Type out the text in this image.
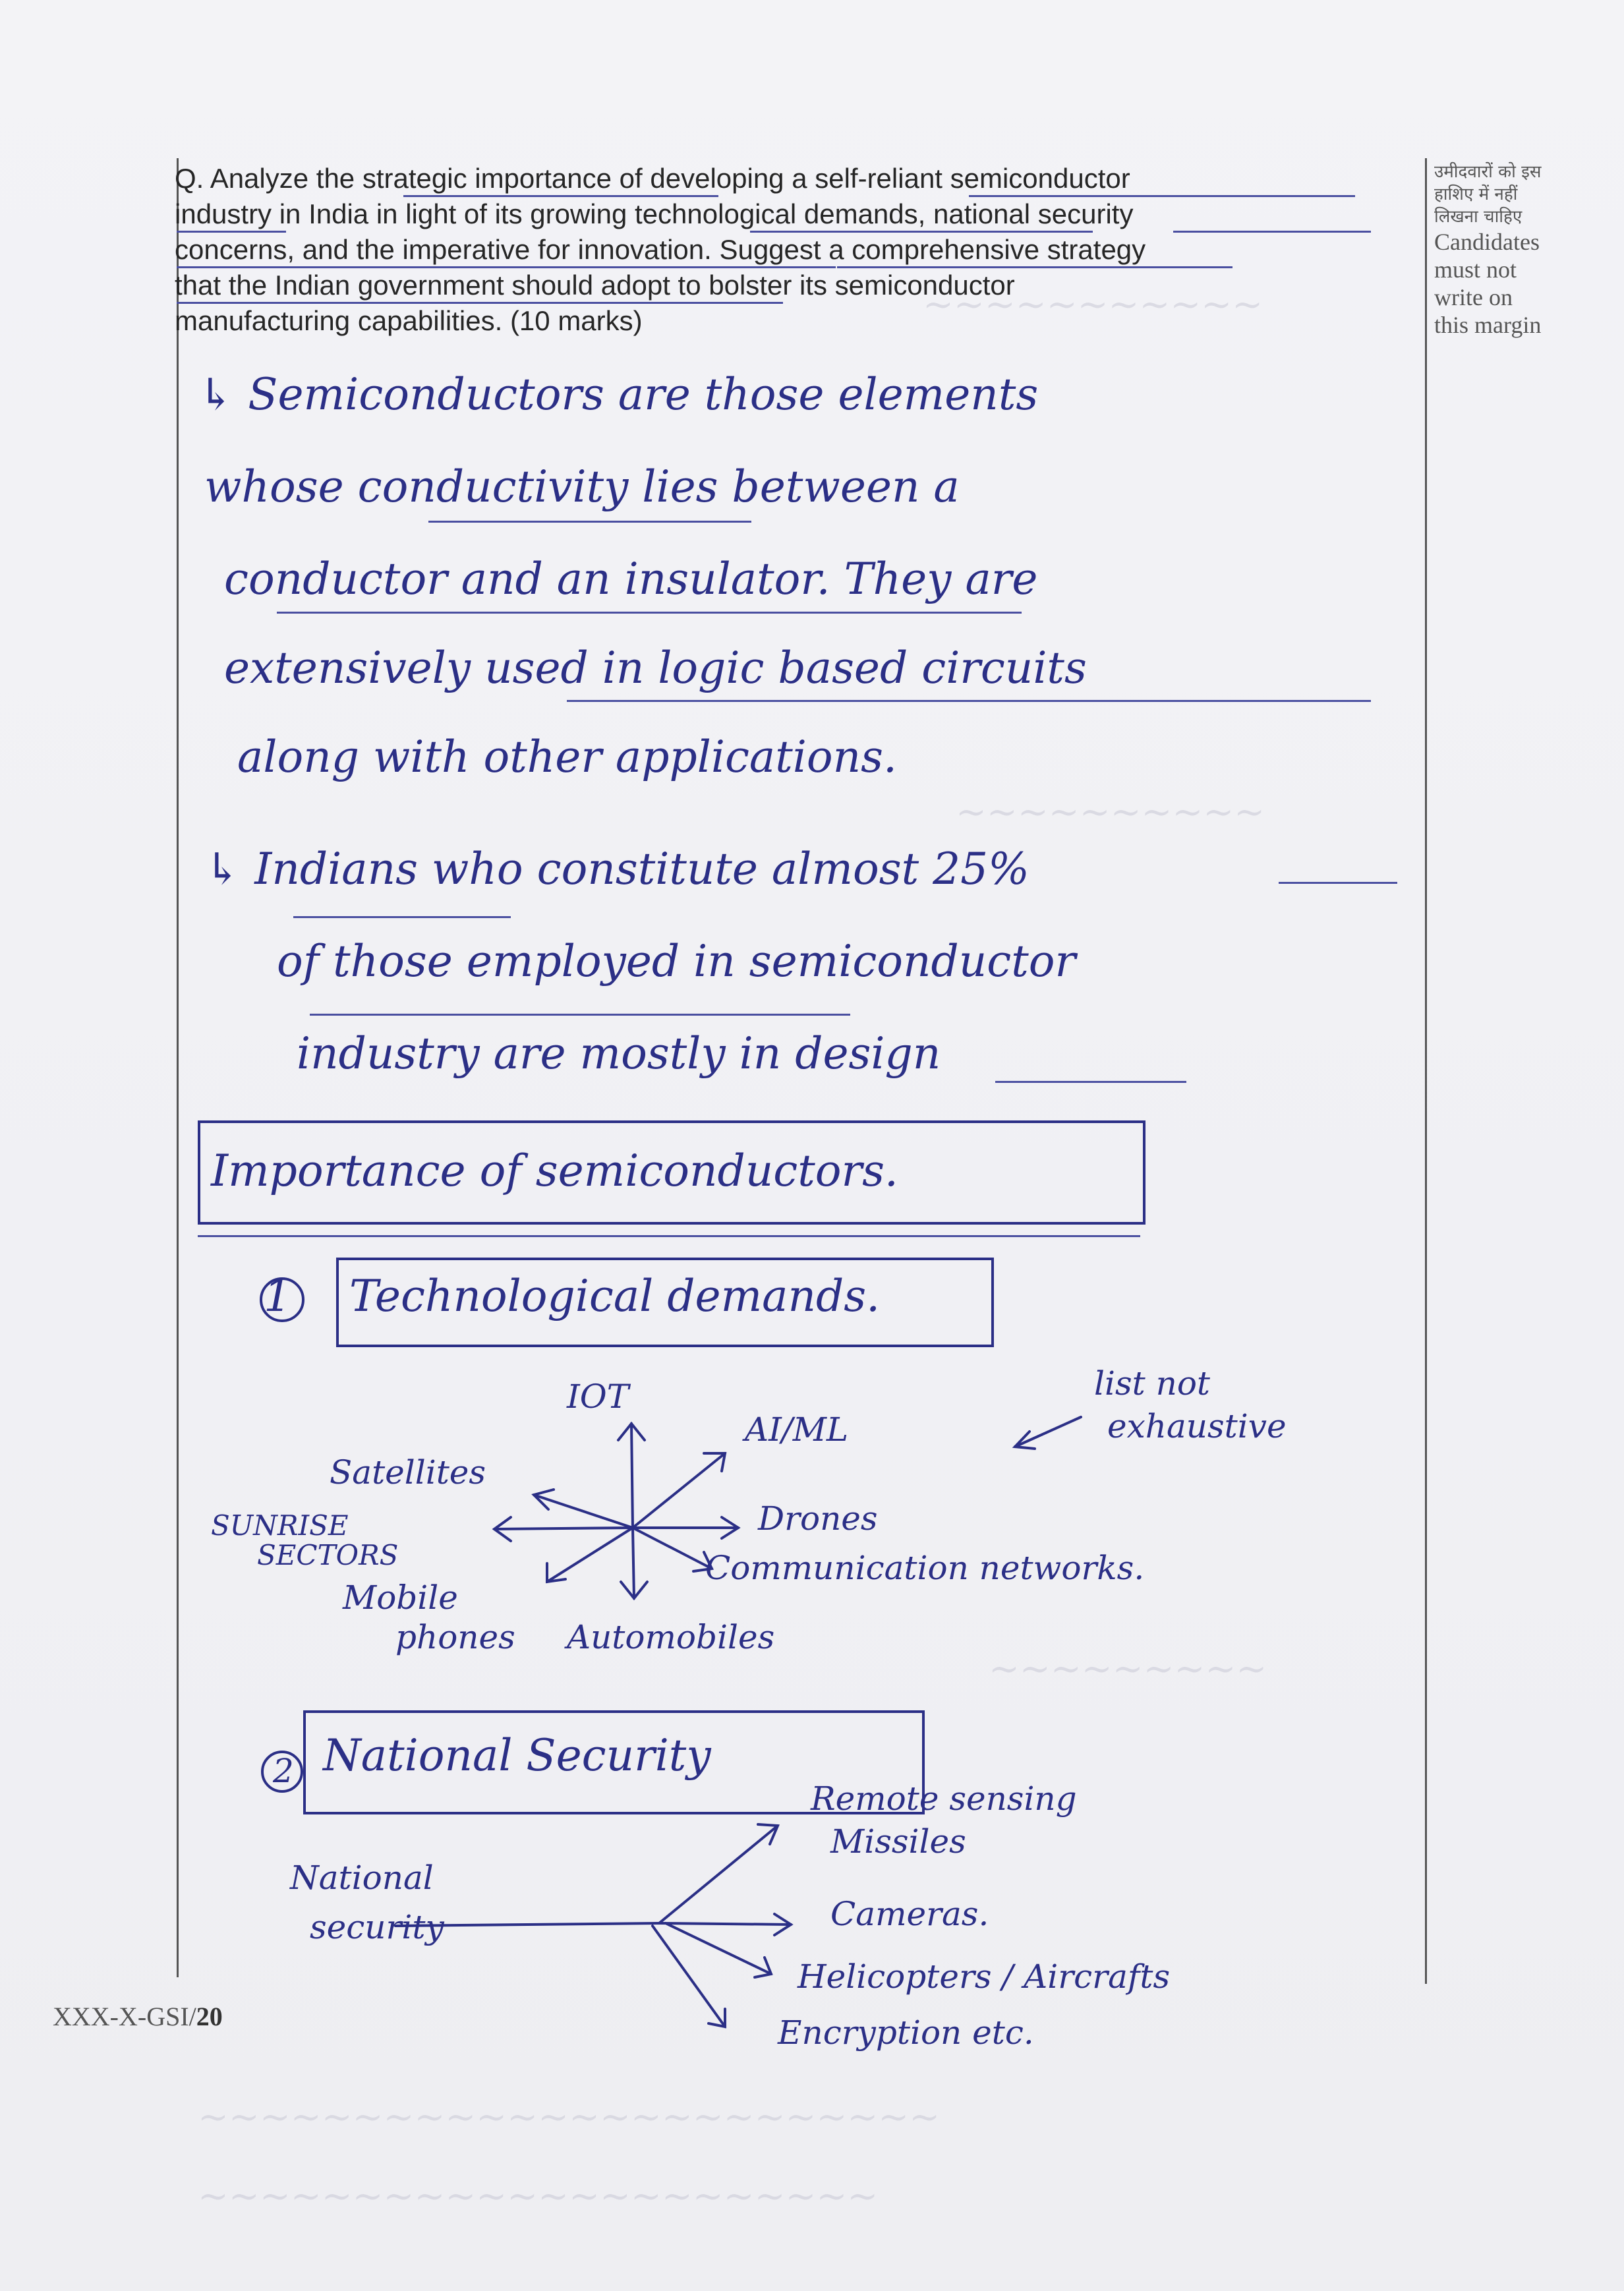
~~~~~~~~~~~
~~~~~~~~~~
~~~~~~~~~
~~~~~~~~~~~~~~~~~~~~~~~~
~~~~~~~~~~~~~~~~~~~~~~
Q. Analyze the strategic importance of developing a self-reliant semiconductor
industry in India in light of its growing technological demands, national security
concerns, and the imperative for innovation. Suggest a comprehensive strategy
that the Indian government should adopt to bolster its semiconductor
manufacturing capabilities. (10 marks)
उमीदवारों को इस
हाशिए में नहीं
लिखना चाहिए
Candidates
must not
write on
this margin
↳ Semiconductors are those elements
whose conductivity lies between a
conductor and an insulator. They are
extensively used in logic based circuits
along with other applications.
↳ Indians who constitute almost 25%
of those employed in semiconductor
industry are mostly in design
Importance of semiconductors.
1 Technological demands.
IOT
AI/ML
Satellites
SUNRISE
SECTORS
Drones
Communication networks.
Mobile
phones Automobiles
list not
exhaustive
2 National Security
National
security
Remote sensing
Missiles
Cameras.
Helicopters / Aircrafts
Encryption etc.
XXX-X-GSI/20
